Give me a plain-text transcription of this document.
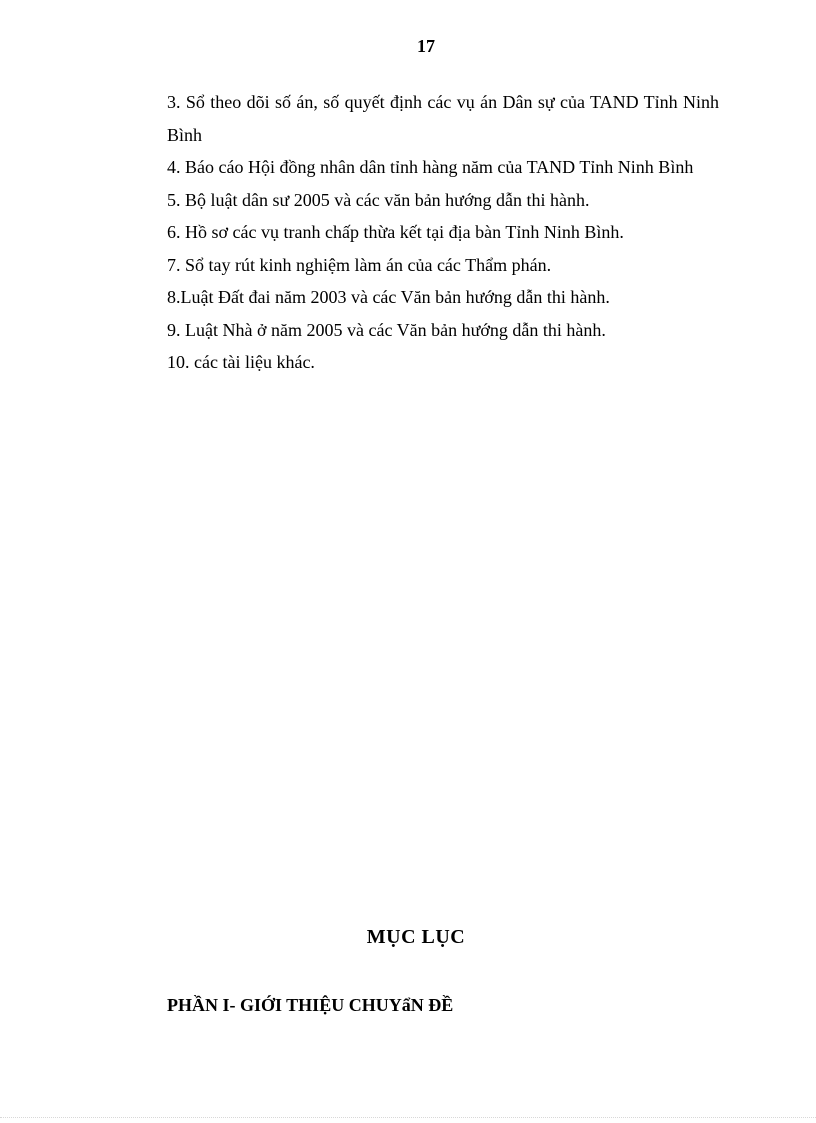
17
3. Sổ theo dõi số án, số quyết định các vụ án Dân sự của TAND Tỉnh Ninh Bình
4. Báo cáo Hội đồng nhân dân tỉnh hàng năm của TAND Tỉnh Ninh Bình
5. Bộ luật dân sư 2005 và các văn bản hướng dẫn thi hành.
6. Hồ sơ các vụ tranh chấp thừa kết tại địa bàn Tỉnh Ninh Bình.
7. Sổ tay rút kinh nghiệm làm án của các Thẩm phán.
8.Luật Đất đai năm 2003 và các Văn bản hướng dẫn thi hành.
9. Luật Nhà ở năm 2005 và các Văn bản hướng dẫn thi hành.
10. các tài liệu khác.
MỤC LỤC
PHẦN I- GIỚI THIỆU CHUYẩN ĐỀ
